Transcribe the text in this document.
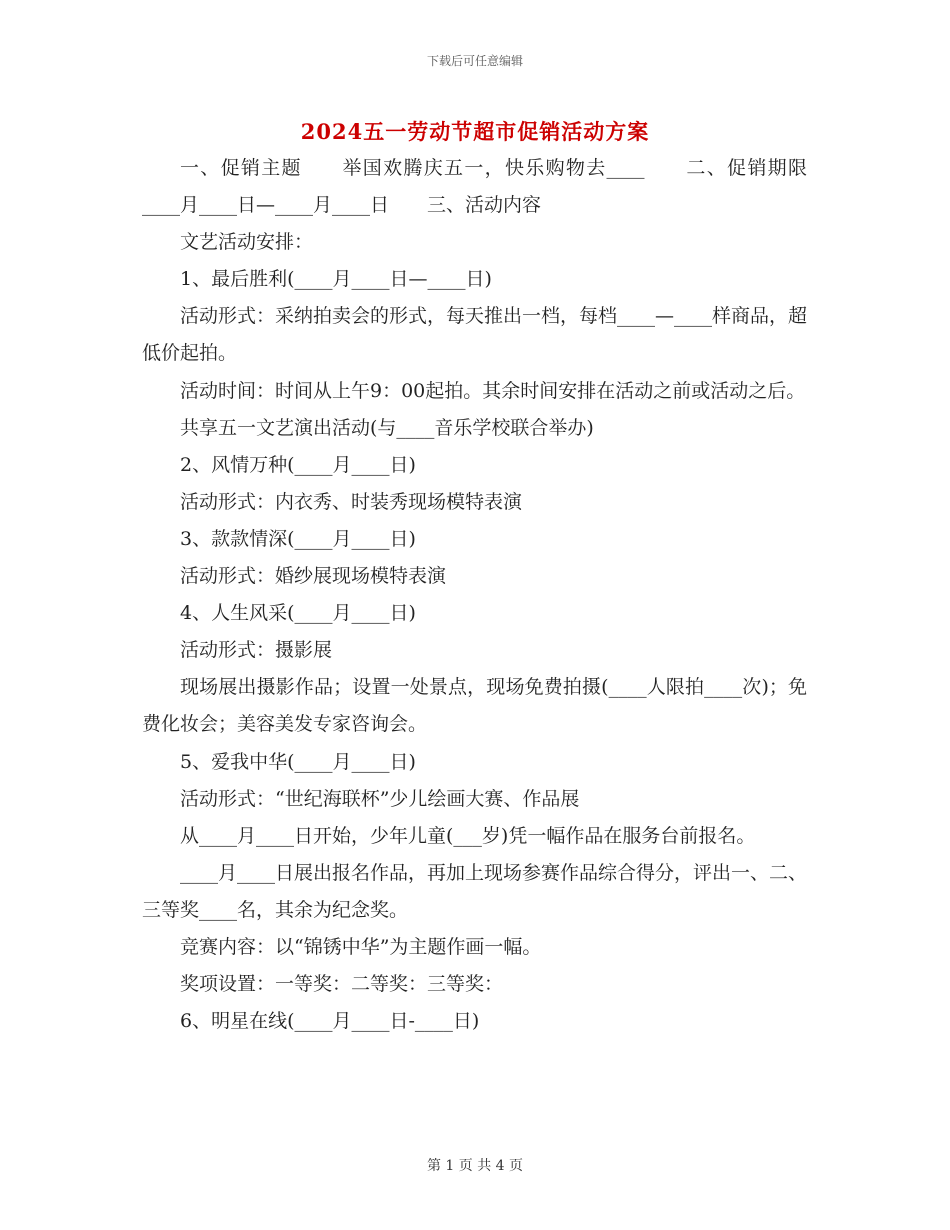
下载后可任意编辑
2024五一劳动节超市促销活动方案

一、促销主题　　举国欢腾庆五一，快乐购物去____　　二、促销期限　　____月____日—____月____日　　三、活动内容

文艺活动安排：

1、最后胜利(____月____日—____日)

活动形式：采纳拍卖会的形式，每天推出一档，每档____—____样商品，超低价起拍。

活动时间：时间从上午9：00起拍。其余时间安排在活动之前或活动之后。

共享五一文艺演出活动(与____音乐学校联合举办)

2、风情万种(____月____日)

活动形式：内衣秀、时装秀现场模特表演

3、款款情深(____月____日)

活动形式：婚纱展现场模特表演

4、人生风采(____月____日)

活动形式：摄影展

现场展出摄影作品；设置一处景点，现场免费拍摄(____人限拍____次)；免费化妆会；美容美发专家咨询会。

5、爱我中华(____月____日)

活动形式：“世纪海联杯”少儿绘画大赛、作品展

从____月____日开始，少年儿童(___岁)凭一幅作品在服务台前报名。

____月____日展出报名作品，再加上现场参赛作品综合得分，评出一、二、三等奖____名，其余为纪念奖。

竞赛内容：以“锦锈中华”为主题作画一幅。

奖项设置：一等奖：二等奖：三等奖：

6、明星在线(____月____日-____日)

第 1 页 共 4 页
